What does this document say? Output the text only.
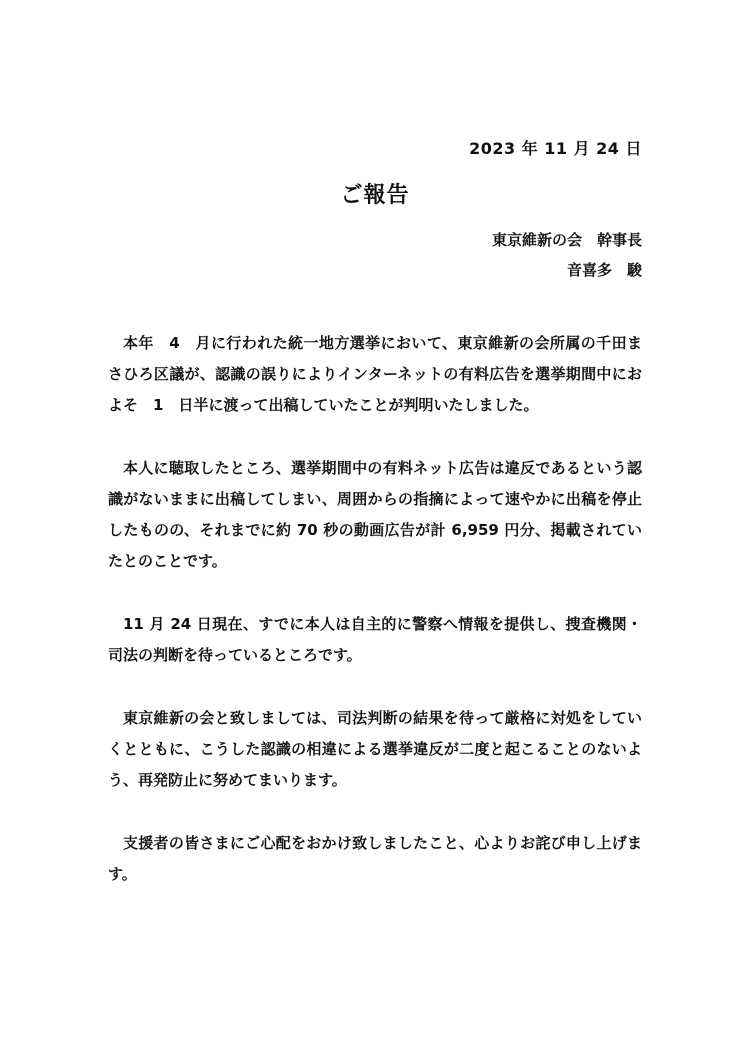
2023 年 11 月 24 日
ご報告
東京維新の会　幹事長
音喜多　駿

本年　4　月に行われた統一地方選挙において、東京維新の会所属の千田まさひろ区議が、認識の誤りによりインターネットの有料広告を選挙期間中におよそ　1　日半に渡って出稿していたことが判明いたしました。

本人に聴取したところ、選挙期間中の有料ネット広告は違反であるという認識がないままに出稿してしまい、周囲からの指摘によって速やかに出稿を停止したものの、それまでに約 70 秒の動画広告が計 6,959 円分、掲載されていたとのことです。

11 月 24 日現在、すでに本人は自主的に警察へ情報を提供し、捜査機関・司法の判断を待っているところです。

東京維新の会と致しましては、司法判断の結果を待って厳格に対処をしていくとともに、こうした認識の相違による選挙違反が二度と起こることのないよう、再発防止に努めてまいります。

支援者の皆さまにご心配をおかけ致しましたこと、心よりお詫び申し上げます。
